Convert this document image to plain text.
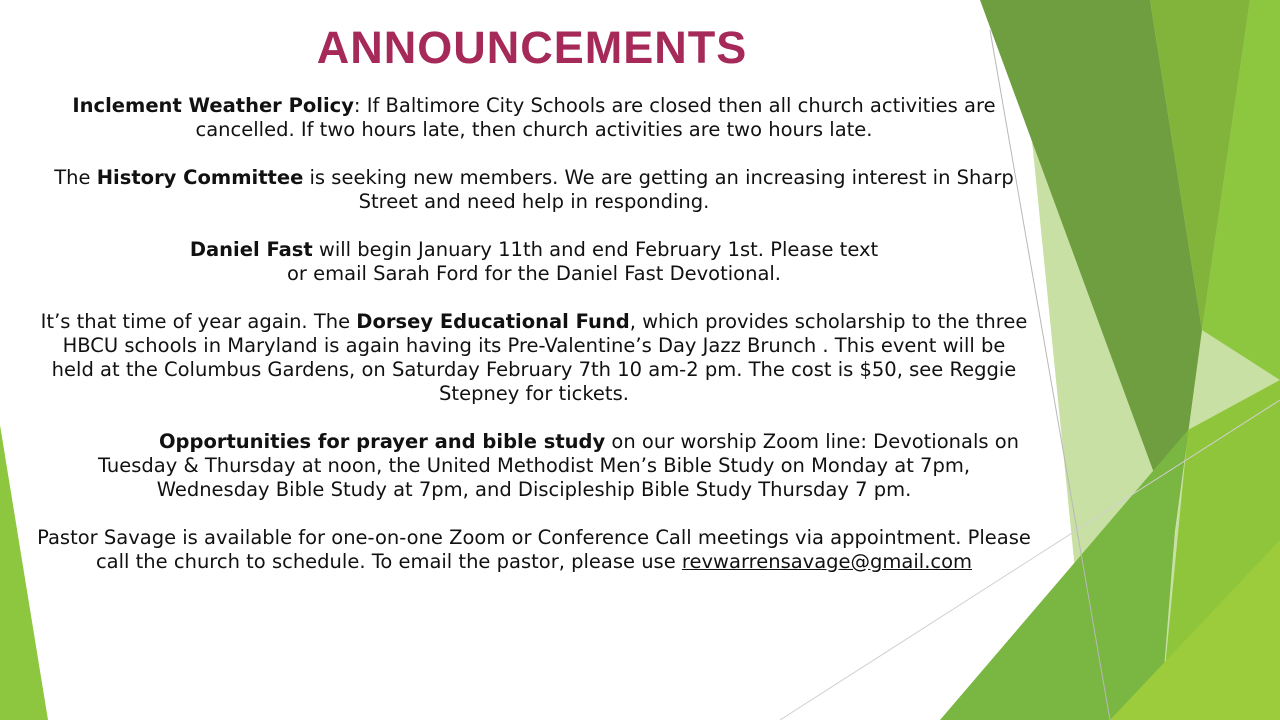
ANNOUNCEMENTS
Inclement Weather Policy: If Baltimore City Schools are closed then all church activities are
cancelled. If two hours late, then church activities are two hours late.
The History Committee is seeking new members. We are getting an increasing interest in Sharp
Street and need help in responding.
Daniel Fast will begin January 11th and end February 1st. Please text
or email Sarah Ford for the Daniel Fast Devotional.
It’s that time of year again. The Dorsey Educational Fund, which provides scholarship to the three
HBCU schools in Maryland is again having its Pre-Valentine’s Day Jazz Brunch . This event will be
held at the Columbus Gardens, on Saturday February 7th 10 am-2 pm. The cost is $50, see Reggie
Stepney for tickets.
Opportunities for prayer and bible study on our worship Zoom line: Devotionals on
Tuesday & Thursday at noon, the United Methodist Men’s Bible Study on Monday at 7pm,
Wednesday Bible Study at 7pm, and Discipleship Bible Study Thursday 7 pm.
Pastor Savage is available for one-on-one Zoom or Conference Call meetings via appointment. Please
call the church to schedule. To email the pastor, please use revwarrensavage@gmail.com
